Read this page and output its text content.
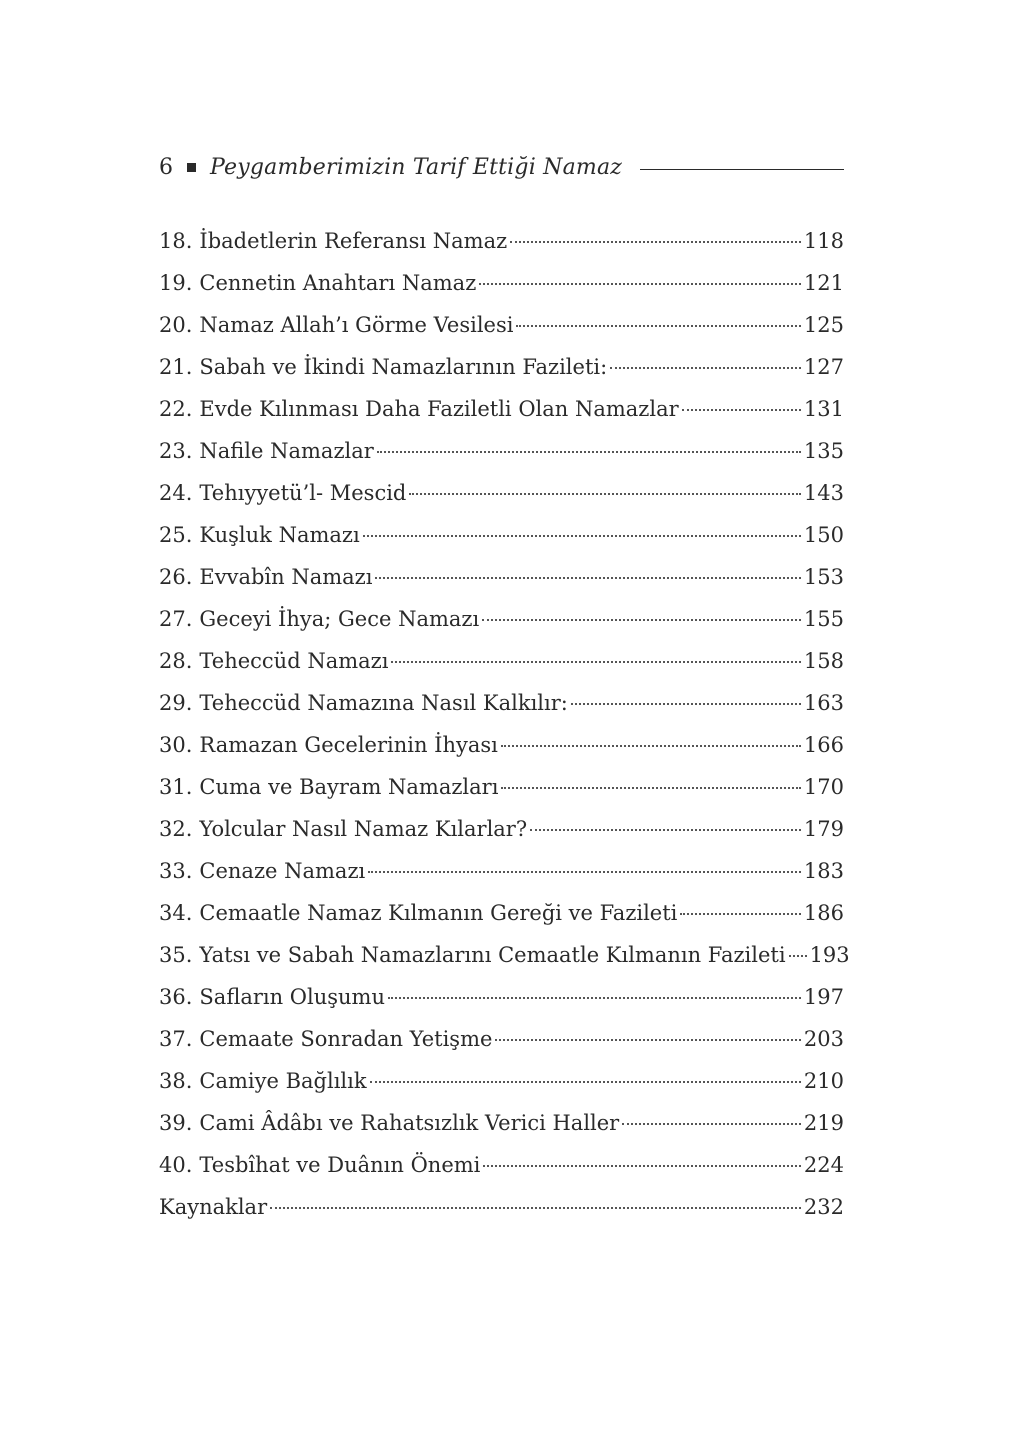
6 Peygamberimizin Tarif Ettiği Namaz
18. İbadetlerin Referansı Namaz	118
19. Cennetin Anahtarı Namaz	121
20. Namaz Allah’ı Görme Vesilesi	125
21. Sabah ve İkindi Namazlarının Fazileti:	127
22. Evde Kılınması Daha Faziletli Olan Namazlar	131
23. Nafile Namazlar	135
24. Tehıyyetü’l- Mescid	143
25. Kuşluk Namazı	150
26. Evvabîn Namazı	153
27. Geceyi İhya; Gece Namazı	155
28. Teheccüd Namazı	158
29. Teheccüd Namazına Nasıl Kalkılır:	163
30. Ramazan Gecelerinin İhyası	166
31. Cuma ve Bayram Namazları	170
32. Yolcular Nasıl Namaz Kılarlar?	179
33. Cenaze Namazı	183
34. Cemaatle Namaz Kılmanın Gereği ve Fazileti	186
35. Yatsı ve Sabah Namazlarını Cemaatle Kılmanın Fazileti 193
36. Safların Oluşumu	197
37. Cemaate Sonradan Yetişme	203
38. Camiye Bağlılık	210
39. Cami Âdâbı ve Rahatsızlık Verici Haller	219
40. Tesbîhat ve Duânın Önemi	224
Kaynaklar	232
